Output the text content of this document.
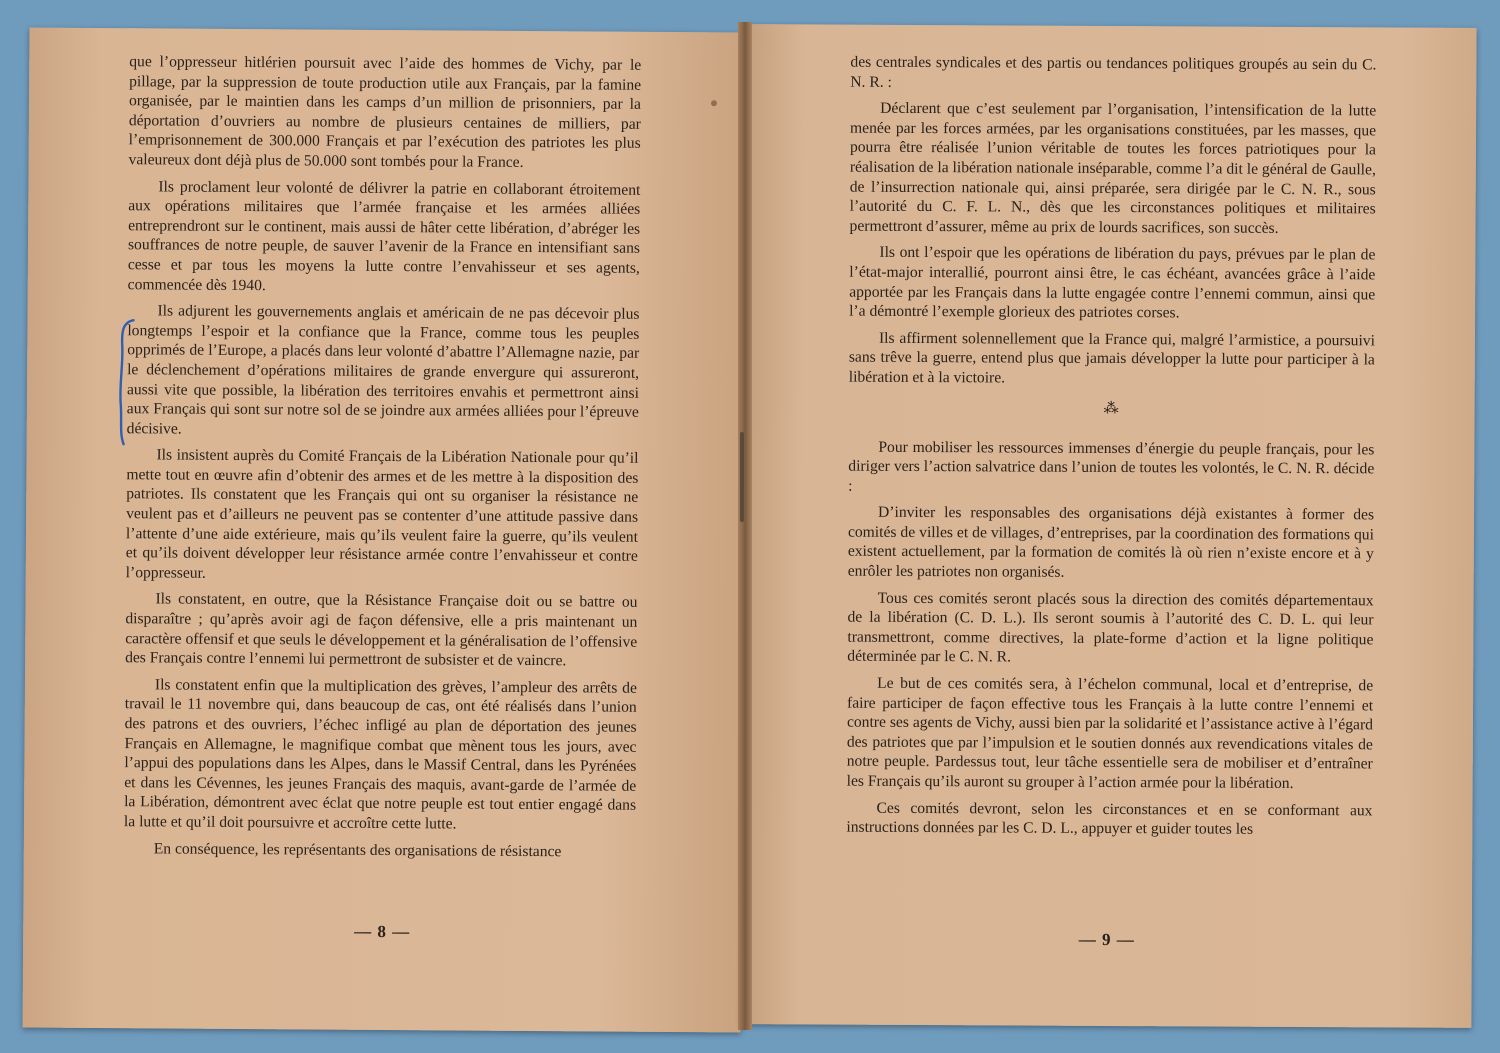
que l’oppresseur hitlérien poursuit avec l’aide des hommes de Vichy, par le pillage, par la suppression de toute production utile aux Français, par la famine organisée, par le maintien dans les camps d’un million de prisonniers, par la déportation d’ouvriers au nombre de plusieurs centaines de milliers, par l’emprisonnement de 300.000 Français et par l’exécution des patriotes les plus valeureux dont déjà plus de 50.000 sont tombés pour la France.

Ils proclament leur volonté de délivrer la patrie en collaborant étroitement aux opérations militaires que l’armée française et les armées alliées entreprendront sur le continent, mais aussi de hâter cette libération, d’abréger les souffrances de notre peuple, de sauver l’avenir de la France en intensifiant sans cesse et par tous les moyens la lutte contre l’envahisseur et ses agents, commencée dès 1940.

Ils adjurent les gouvernements anglais et américain de ne pas décevoir plus longtemps l’espoir et la confiance que la France, comme tous les peuples opprimés de l’Europe, a placés dans leur volonté d’abattre l’Allemagne nazie, par le déclenchement d’opérations militaires de grande envergure qui assureront, aussi vite que possible, la libération des territoires envahis et permettront ainsi aux Français qui sont sur notre sol de se joindre aux armées alliées pour l’épreuve décisive.

Ils insistent auprès du Comité Français de la Libération Nationale pour qu’il mette tout en œuvre afin d’obtenir des armes et de les mettre à la disposition des patriotes. Ils constatent que les Français qui ont su organiser la résistance ne veulent pas et d’ailleurs ne peuvent pas se contenter d’une attitude passive dans l’attente d’une aide extérieure, mais qu’ils veulent faire la guerre, qu’ils veulent et qu’ils doivent développer leur résistance armée contre l’envahisseur et contre l’oppresseur.

Ils constatent, en outre, que la Résistance Française doit ou se battre ou disparaître ; qu’après avoir agi de façon défensive, elle a pris maintenant un caractère offensif et que seuls le développement et la généralisation de l’offensive des Français contre l’ennemi lui permettront de subsister et de vaincre.

Ils constatent enfin que la multiplication des grèves, l’ampleur des arrêts de travail le 11 novembre qui, dans beaucoup de cas, ont été réalisés dans l’union des patrons et des ouvriers, l’échec infligé au plan de déportation des jeunes Français en Allemagne, le magnifique combat que mènent tous les jours, avec l’appui des populations dans les Alpes, dans le Massif Central, dans les Pyrénées et dans les Cévennes, les jeunes Français des maquis, avant-garde de l’armée de la Libération, démontrent avec éclat que notre peuple est tout entier engagé dans la lutte et qu’il doit poursuivre et accroître cette lutte.

En conséquence, les représentants des organisations de résistance

— 8 —

des centrales syndicales et des partis ou tendances politiques groupés au sein du C. N. R. :

Déclarent que c’est seulement par l’organisation, l’intensification de la lutte menée par les forces armées, par les organisations constituées, par les masses, que pourra être réalisée l’union véritable de toutes les forces patriotiques pour la réalisation de la libération nationale inséparable, comme l’a dit le général de Gaulle, de l’insurrection nationale qui, ainsi préparée, sera dirigée par le C. N. R., sous l’autorité du C. F. L. N., dès que les circonstances politiques et militaires permettront d’assurer, même au prix de lourds sacrifices, son succès.

Ils ont l’espoir que les opérations de libération du pays, prévues par le plan de l’état-major interallié, pourront ainsi être, le cas échéant, avancées grâce à l’aide apportée par les Français dans la lutte engagée contre l’ennemi commun, ainsi que l’a démontré l’exemple glorieux des patriotes corses.

Ils affirment solennellement que la France qui, malgré l’armistice, a poursuivi sans trêve la guerre, entend plus que jamais développer la lutte pour participer à la libération et à la victoire.

⁂

Pour mobiliser les ressources immenses d’énergie du peuple français, pour les diriger vers l’action salvatrice dans l’union de toutes les volontés, le C. N. R. décide :

D’inviter les responsables des organisations déjà existantes à former des comités de villes et de villages, d’entreprises, par la coordination des formations qui existent actuellement, par la formation de comités là où rien n’existe encore et à y enrôler les patriotes non organisés.

Tous ces comités seront placés sous la direction des comités départementaux de la libération (C. D. L.). Ils seront soumis à l’autorité des C. D. L. qui leur transmettront, comme directives, la plate-forme d’action et la ligne politique déterminée par le C. N. R.

Le but de ces comités sera, à l’échelon communal, local et d’entreprise, de faire participer de façon effective tous les Français à la lutte contre l’ennemi et contre ses agents de Vichy, aussi bien par la solidarité et l’assistance active à l’égard des patriotes que par l’impulsion et le soutien donnés aux revendications vitales de notre peuple. Pardessus tout, leur tâche essentielle sera de mobiliser et d’entraîner les Français qu’ils auront su grouper à l’action armée pour la libération.

Ces comités devront, selon les circonstances et en se conformant aux instructions données par les C. D. L., appuyer et guider toutes les

— 9 —
